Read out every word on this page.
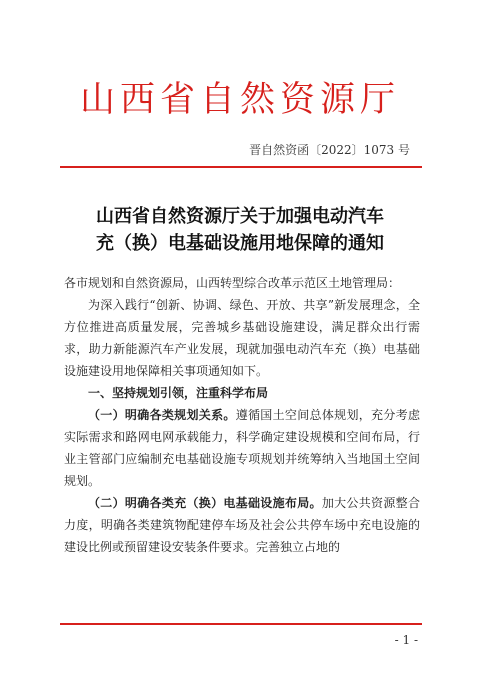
山西省自然资源厅
晋自然资函〔2022〕1073 号
山西省自然资源厅关于加强电动汽车
充（换）电基础设施用地保障的通知

各市规划和自然资源局，山西转型综合改革示范区土地管理局：

为深入践行“创新、协调、绿色、开放、共享”新发展理念，全方位推进高质量发展，完善城乡基础设施建设，满足群众出行需求，助力新能源汽车产业发展，现就加强电动汽车充（换）电基础设施建设用地保障相关事项通知如下。

一、坚持规划引领，注重科学布局

（一）明确各类规划关系。遵循国土空间总体规划，充分考虑实际需求和路网电网承载能力，科学确定建设规模和空间布局，行业主管部门应编制充电基础设施专项规划并统筹纳入当地国土空间规划。

（二）明确各类充（换）电基础设施布局。加大公共资源整合力度，明确各类建筑物配建停车场及社会公共停车场中充电设施的建设比例或预留建设安装条件要求。完善独立占地的

- 1 -
